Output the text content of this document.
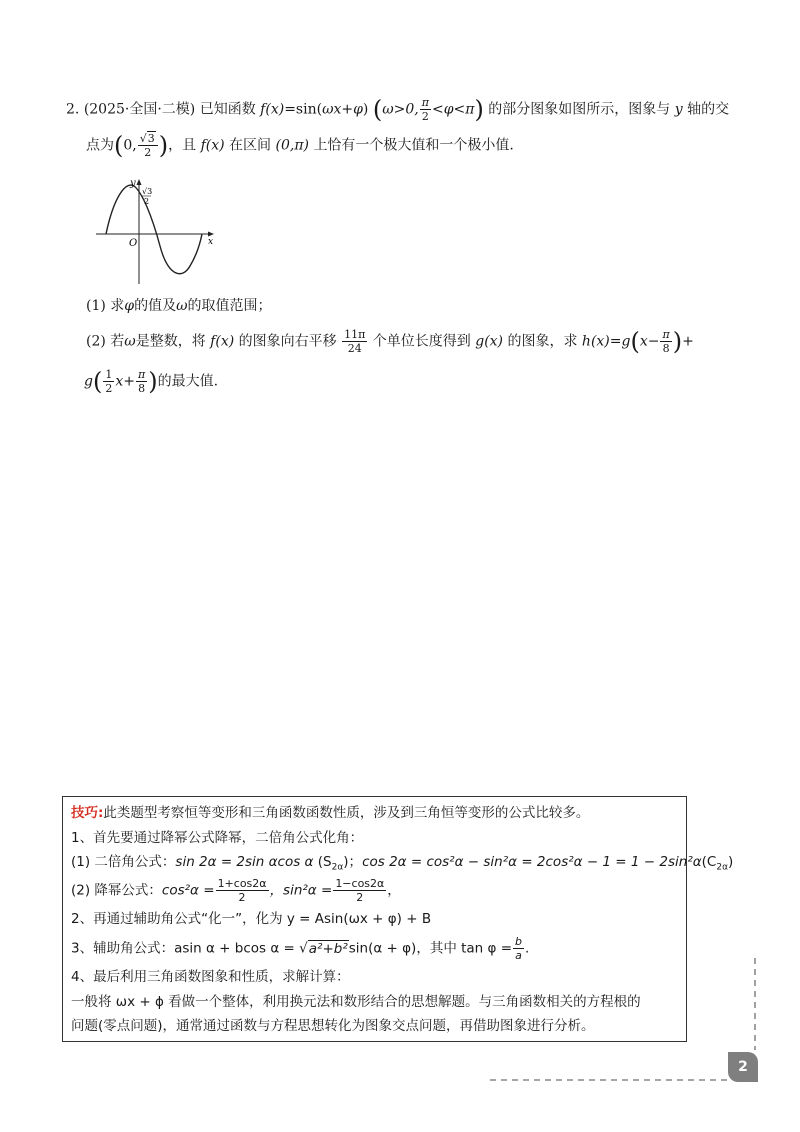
2. (2025·全国·二模) 已知函数 f(x)=sin(ωx+φ) (ω>0, $\frac{\pi}{2} <\varphi<\pi$) 的部分图象如图所示，图象与 y 轴的交
点为(0, $\frac{√3}{2}$ )，且 f(x) 在区间 (0,π) 上恰有一个极大值和一个极小值.
(1) 求φ的值及ω的取值范围；
(2) 若ω是整数，将 f(x) 的图象向右平移 $\frac{11\pi}{24}$ 个单位长度得到 g(x) 的图象，求 $h(x)=g(x- \frac{\pi}{8}$ )+
$g( \frac{1}{2} x+ \frac{\pi}{8}$ )的最大值.
y
x
O
√3
2
技巧:此类题型考察恒等变形和三角函数函数性质，涉及到三角恒等变形的公式比较多。
1、首先要通过降幂公式降幂，二倍角公式化角：
(1) 二倍角公式：sin 2α = 2sin αcos α $(S_{2\alpha})$；$\cos 2\alpha = \cos^2\alpha - \sin^2\alpha = 2\cos^2\alpha - 1 = 1 - 2\sin^2\alpha(C_{2\alpha})$
(2) 降幂公式：$\cos^2\alpha = \frac{1+\cos 2\alpha}{2}$ ，$\sin^2\alpha = \frac{1-\cos 2\alpha}{2}$ ，
2、再通过辅助角公式“化一”，化为 y = Asin(ωx + φ) + B
3、辅助角公式：asin α + bcos α = √a²+b²sin(α + φ)，其中 $\tan \varphi = \frac{b}{a}$ .
4、最后利用三角函数图象和性质，求解计算：
一般将 ωx + ϕ 看做一个整体，利用换元法和数形结合的思想解题。与三角函数相关的方程根的
问题(零点问题)，通常通过函数与方程思想转化为图象交点问题，再借助图象进行分析。
2
